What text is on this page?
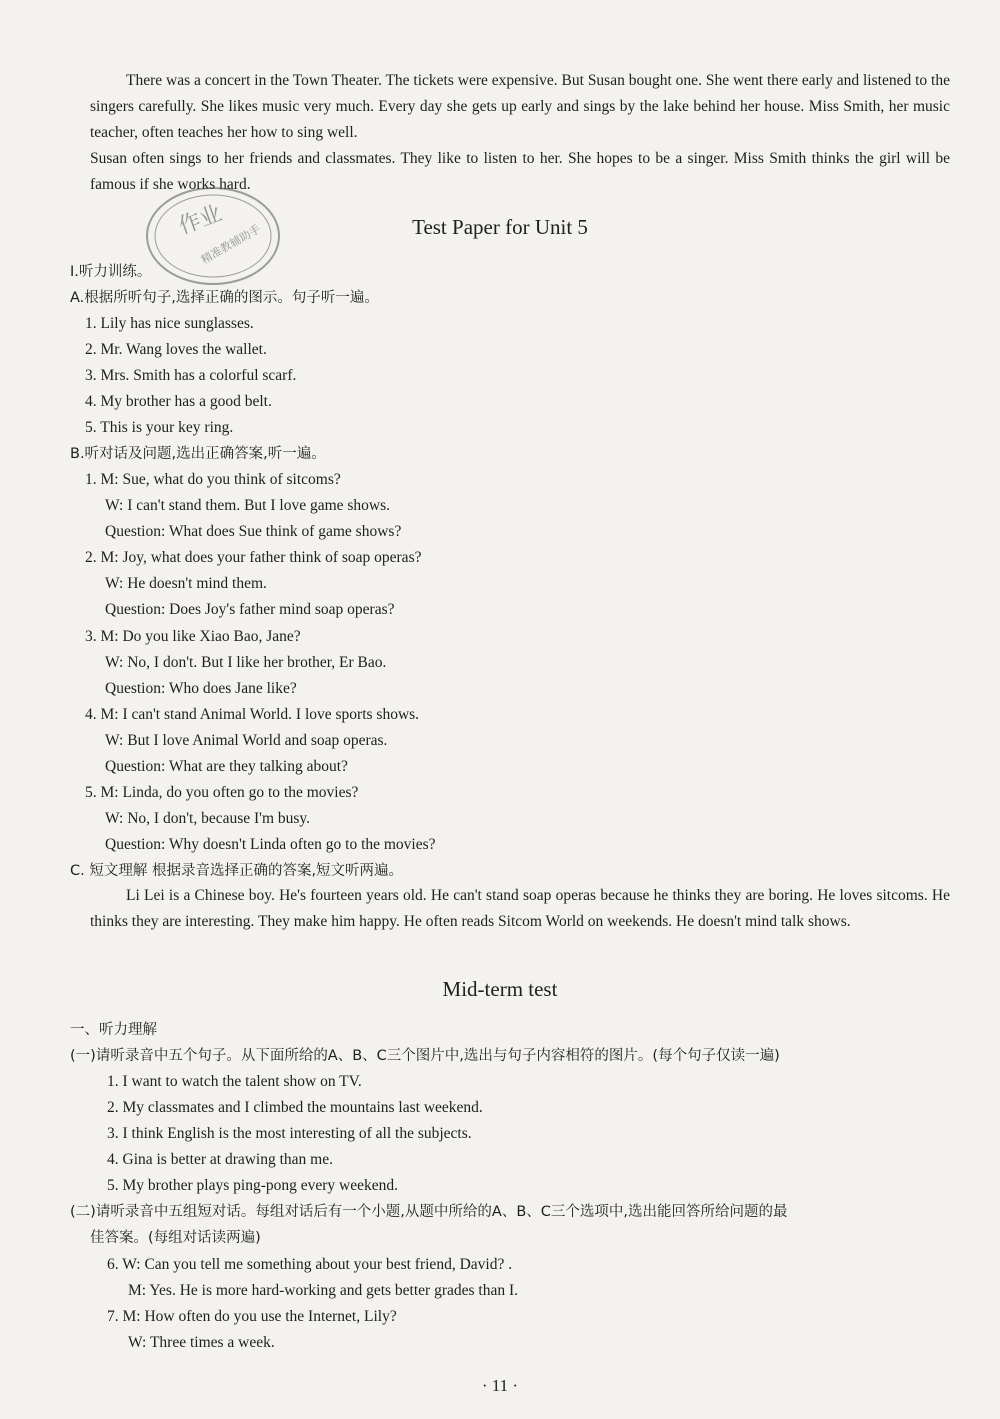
There was a concert in the Town Theater. The tickets were expensive. But Susan bought one. She went there early and listened to the singers carefully. She likes music very much. Every day she gets up early and sings by the lake behind her house. Miss Smith, her music teacher, often teaches her how to sing well.

Susan often sings to her friends and classmates. They like to listen to her. She hopes to be a singer. Miss Smith thinks the girl will be famous if she works hard.

作业
精准教辅助手	Test Paper for Unit 5

Ⅰ.听力训练。

A.根据所听句子,选择正确的图示。句子听一遍。

1. Lily has nice sunglasses.

2. Mr. Wang loves the wallet.

3. Mrs. Smith has a colorful scarf.

4. My brother has a good belt.

5. This is your key ring.

B.听对话及问题,选出正确答案,听一遍。

1. M: Sue, what do you think of sitcoms?

W: I can't stand them. But I love game shows.

Question: What does Sue think of game shows?

2. M: Joy, what does your father think of soap operas?

W: He doesn't mind them.

Question: Does Joy's father mind soap operas?

3. M: Do you like Xiao Bao, Jane?

W: No, I don't. But I like her brother, Er Bao.

Question: Who does Jane like?

4. M: I can't stand Animal World. I love sports shows.

W: But I love Animal World and soap operas.

Question: What are they talking about?

5. M: Linda, do you often go to the movies?

W: No, I don't, because I'm busy.

Question: Why doesn't Linda often go to the movies?

C. 短文理解 根据录音选择正确的答案,短文听两遍。

Li Lei is a Chinese boy. He's fourteen years old. He can't stand soap operas because he thinks they are boring. He loves sitcoms. He thinks they are interesting. They make him happy. He often reads Sitcom World on weekends. He doesn't mind talk shows.

Mid-term test

一、听力理解

(一)请听录音中五个句子。从下面所给的A、B、C三个图片中,选出与句子内容相符的图片。(每个句子仅读一遍)

1. I want to watch the talent show on TV.

2. My classmates and I climbed the mountains last weekend.

3. I think English is the most interesting of all the subjects.

4. Gina is better at drawing than me.

5. My brother plays ping-pong every weekend.

(二)请听录音中五组短对话。每组对话后有一个小题,从题中所给的A、B、C三个选项中,选出能回答所给问题的最

佳答案。(每组对话读两遍)

6. W: Can you tell me something about your best friend, David? .

M: Yes. He is more hard-working and gets better grades than I.

7. M: How often do you use the Internet, Lily?

W: Three times a week.

· 11 ·
